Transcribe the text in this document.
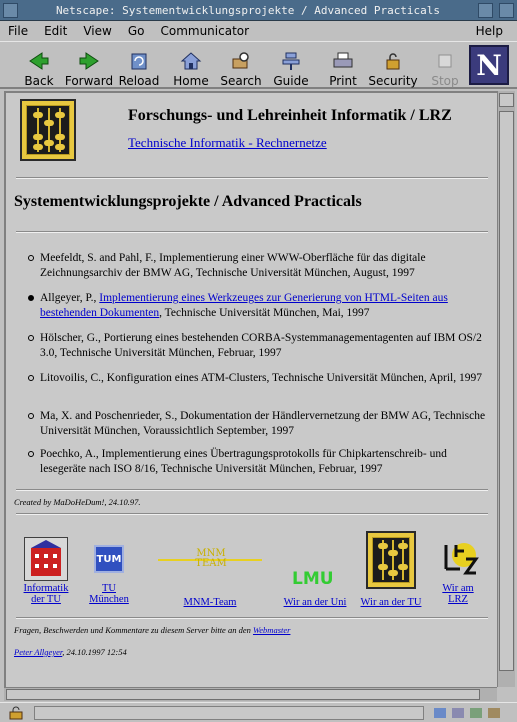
Netscape: Systementwicklungsprojekte / Advanced Practicals
File	Edit	View	Go	Communicator	Help
Back Forward Reload Home Search Guide Print Security Stop N
Forschungs- und Lehreinheit Informatik / LRZ
Technische Informatik - Rechnernetze
Systementwicklungsprojekte / Advanced Practicals
Meefeldt, S. and Pahl, F., Implementierung einer WWW-Oberfläche für das digitale Zeichnungsarchiv der BMW AG, Technische Universität München, August, 1997
Allgeyer, P., Implementierung eines Werkzeuges zur Generierung von HTML-Seiten aus bestehenden Dokumenten, Technische Universität München, Mai, 1997
Hölscher, G., Portierung eines bestehenden CORBA-Systemmanagementagenten auf IBM OS/2 3.0, Technische Universität München, Februar, 1997
Litovoilis, C., Konfiguration eines ATM-Clusters, Technische Universität München, April, 1997
Ma, X. and Poschenrieder, S., Dokumentation der Händlervernetzung der BMW AG, Technische Universität München, Voraussichtlich September, 1997
Poechko, A., Implementierung eines Übertragungsprotokolls für Chipkartenschreib- und lesegeräte nach ISO 8/16, Technische Universität München, Februar, 1997
Created by MaDoHeDum!, 24.10.97.
Informatik der TU
TUM
TU München
MNM TEAM
MNM-Team
LMU
Wir an der Uni	Wir an der TU
Wir am LRZ
Fragen, Beschwerden und Kommentare zu diesem Server bitte an den Webmaster
Peter Allgeyer, 24.10.1997 12:54
